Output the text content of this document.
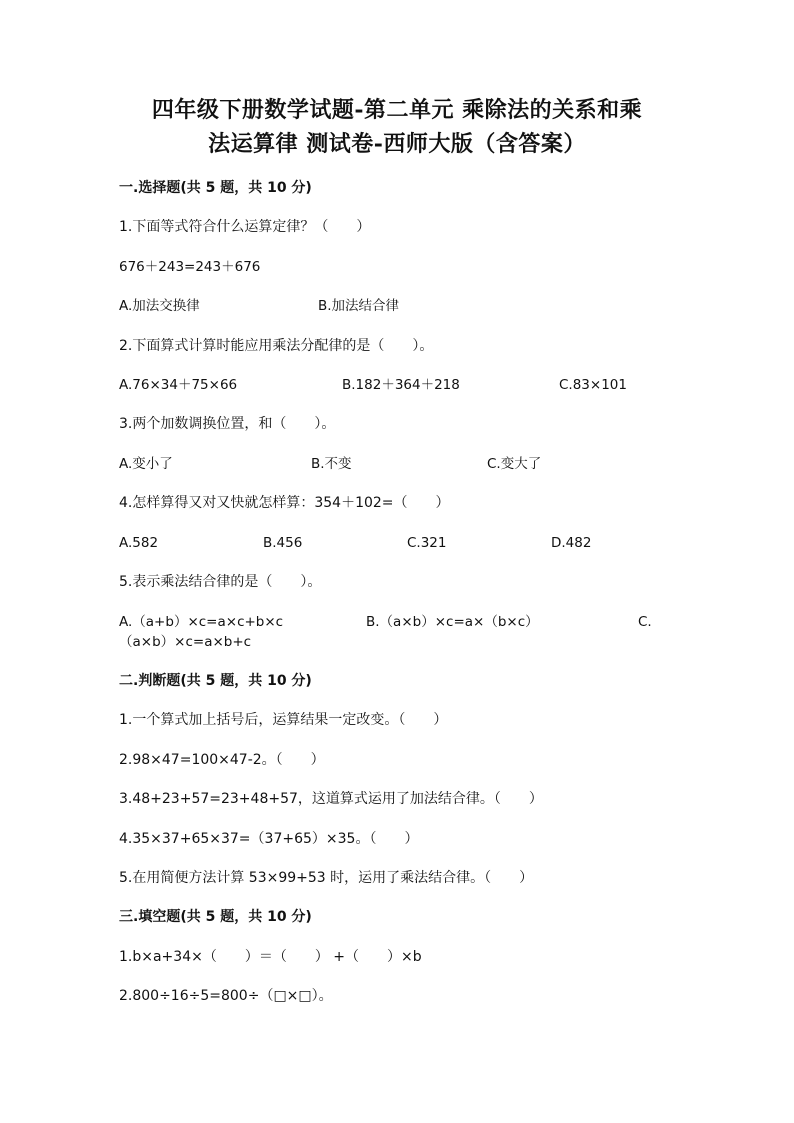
四年级下册数学试题-第二单元 乘除法的关系和乘
法运算律 测试卷-西师大版（含答案）
一.选择题(共 5 题，共 10 分)
1.下面等式符合什么运算定律？（　　）
676＋243=243＋676
A.加法交换律	B.加法结合律
2.下面算式计算时能应用乘法分配律的是（　　）。
A.76×34＋75×66	B.182＋364＋218	C.83×101
3.两个加数调换位置，和（　　）。
A.变小了	B.不变	C.变大了
4.怎样算得又对又快就怎样算：354＋102=（　　）
A.582	B.456	C.321	D.482
5.表示乘法结合律的是（　　）。
A.（a+b）×c=a×c+b×c	B.（a×b）×c=a×（b×c）	C.
（a×b）×c=a×b+c
二.判断题(共 5 题，共 10 分)
1.一个算式加上括号后，运算结果一定改变。（　　）
2.98×47=100×47-2。（　　）
3.48+23+57=23+48+57，这道算式运用了加法结合律。（　　）
4.35×37+65×37=（37+65）×35。（　　）
5.在用简便方法计算 53×99+53 时，运用了乘法结合律。（　　）
三.填空题(共 5 题，共 10 分)
1.b×a+34×（　　）＝（　　） +（　　）×b
2.800÷16÷5=800÷（□×□）。
